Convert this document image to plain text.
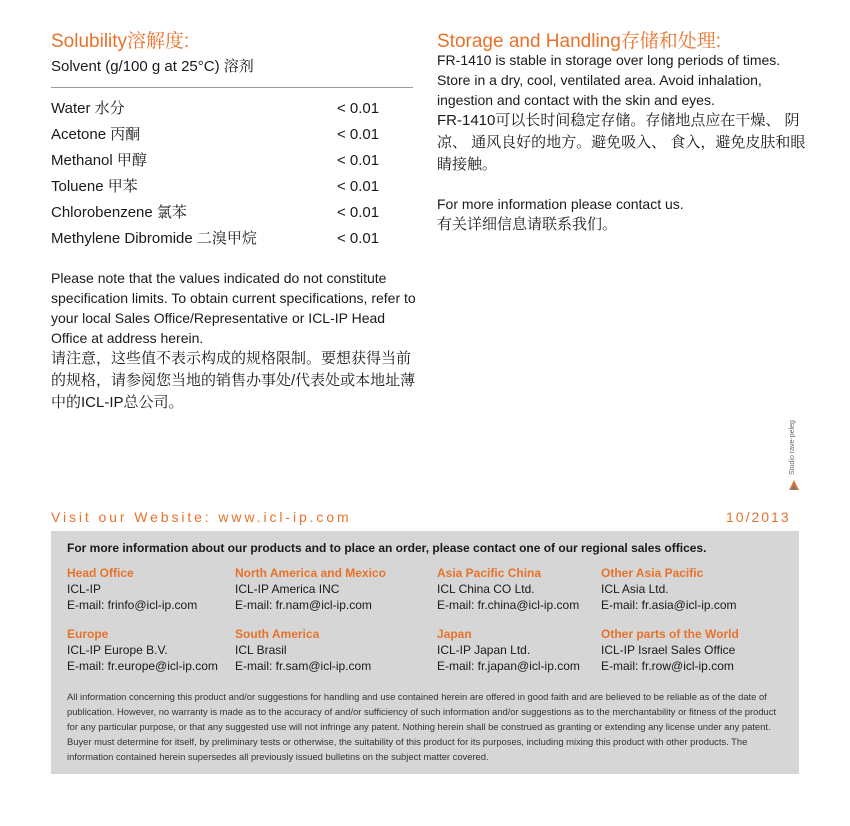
Solubility溶解度:
Solvent (g/100 g at 25°C) 溶剂
Water 水分	< 0.01
Acetone 丙酮	< 0.01
Methanol 甲醇	< 0.01
Toluene 甲苯	< 0.01
Chlorobenzene 氯苯	< 0.01
Methylene Dibromide 二溴甲烷	< 0.01

Please note that the values indicated do not constitute specification limits. To obtain current specifications, refer to your local Sales Office/Representative or ICL-IP Head Office at address herein.

请注意，这些值不表示构成的规格限制。要想获得当前的规格，请参阅您当地的销售办事处/代表处或本地址薄中的ICL-IP总公司。

Storage and Handling存储和处理:

FR-1410 is stable in storage over long periods of times. Store in a dry, cool, ventilated area. Avoid inhalation, ingestion and contact with the skin and eyes.

FR-1410可以长时间稳定存储。存储地点应在干燥、 阴凉、 通风良好的地方。避免吸入、 食入，避免皮肤和眼睛接触。

For more information please contact us.

有关详细信息请联系我们。

Studio rave-peleg
Visit our Website: www.icl-ip.com	10/2013
For more information about our products and to place an order, please contact one of our regional sales offices.
Head Office
ICL-IP
E-mail: frinfo@icl-ip.com
North America and Mexico
ICL-IP America INC
E-mail: fr.nam@icl-ip.com
Asia Pacific China
ICL China CO Ltd.
E-mail: fr.china@icl-ip.com
Other Asia Pacific
ICL Asia Ltd.
E-mail: fr.asia@icl-ip.com
Europe
ICL-IP Europe B.V.
E-mail: fr.europe@icl-ip.com
South America
ICL Brasil
E-mail: fr.sam@icl-ip.com
Japan
ICL-IP Japan Ltd.
E-mail: fr.japan@icl-ip.com
Other parts of the World
ICL-IP Israel Sales Office
E-mail: fr.row@icl-ip.com
All information concerning this product and/or suggestions for handling and use contained herein are offered in good faith and are believed to be reliable as of the date of publication. However, no warranty is made as to the accuracy of and/or sufficiency of such information and/or suggestions as to the merchantability or fitness of the product for any particular purpose, or that any suggested use will not infringe any patent. Nothing herein shall be construed as granting or extending any license under any patent. Buyer must determine for itself, by preliminary tests or otherwise, the suitability of this product for its purposes, including mixing this product with other products. The information contained herein supersedes all previously issued bulletins on the subject matter covered.
